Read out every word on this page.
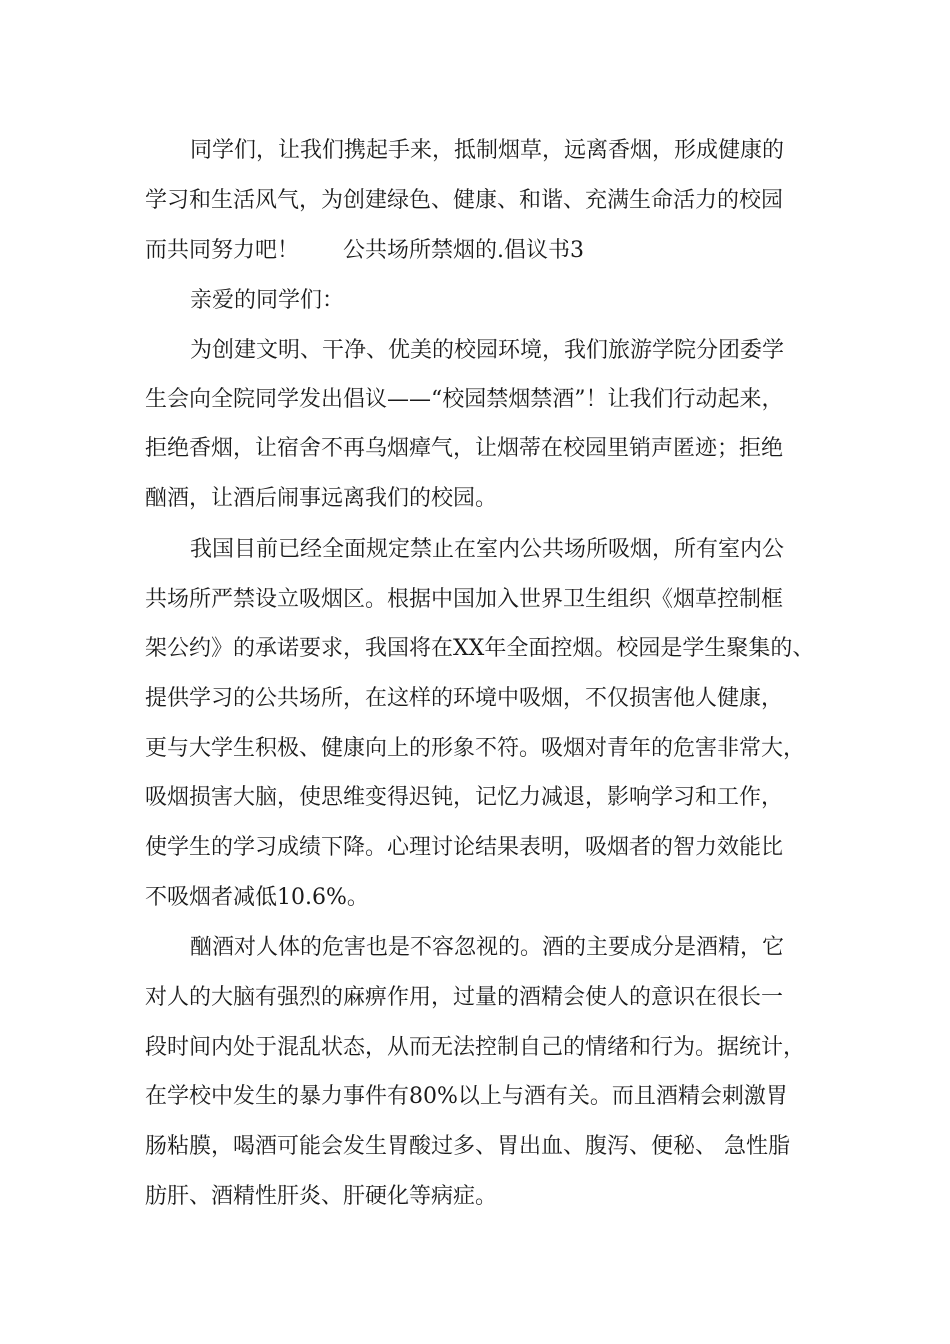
同学们，让我们携起手来，抵制烟草，远离香烟，形成健康的

学习和生活风气，为创建绿色、健康、和谐、充满生命活力的校园

而共同努力吧！ 公共场所禁烟的.倡议书3

亲爱的同学们：

为创建文明、干净、优美的校园环境，我们旅游学院分团委学

生会向全院同学发出倡议——“校园禁烟禁酒”！让我们行动起来，

拒绝香烟，让宿舍不再乌烟瘴气，让烟蒂在校园里销声匿迹；拒绝

酗酒，让酒后闹事远离我们的校园。

我国目前已经全面规定禁止在室内公共场所吸烟，所有室内公

共场所严禁设立吸烟区。根据中国加入世界卫生组织《烟草控制框

架公约》的承诺要求，我国将在XX年全面控烟。校园是学生聚集的、

提供学习的公共场所，在这样的环境中吸烟，不仅损害他人健康，

更与大学生积极、健康向上的形象不符。吸烟对青年的危害非常大，

吸烟损害大脑，使思维变得迟钝，记忆力减退，影响学习和工作，

使学生的学习成绩下降。心理讨论结果表明，吸烟者的智力效能比

不吸烟者减低10.6%。

酗酒对人体的危害也是不容忽视的。酒的主要成分是酒精，它

对人的大脑有强烈的麻痹作用，过量的酒精会使人的意识在很长一

段时间内处于混乱状态，从而无法控制自己的情绪和行为。据统计，

在学校中发生的暴力事件有80%以上与酒有关。而且酒精会刺激胃

肠粘膜，喝酒可能会发生胃酸过多、胃出血、腹泻、便秘、 急性脂

肪肝、酒精性肝炎、肝硬化等病症。
